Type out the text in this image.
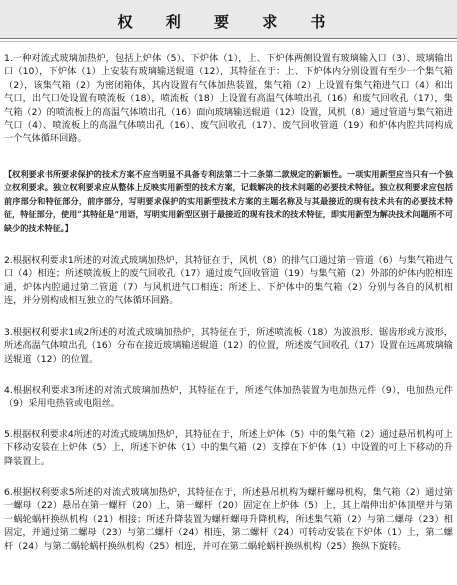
权 利 要 求 书

1.一种对流式玻璃加热炉，包括上炉体（5）、下炉体（1），上、下炉体两侧设置有玻璃输入口（3）、玻璃输出口（10），下炉体（1）上安装有玻璃输送辊道（12），其特征在于：上、下炉体内分别设置有至少一个集气箱（2），该集气箱（2）为密闭箱体，其内设置有气体加热装置，集气箱（2）上设置有集气箱进气口（4）和出气口，出气口处设置有喷流板（18），喷流板（18）上设置有高温气体喷出孔（16）和废气回收孔（17），集气箱（2）的喷流板上的高温气体喷出孔（16）面向玻璃输送辊道（12）设置，风机（8）通过管道与集气箱进气口（4）、喷流板上的高温气体喷出孔（16）、废气回收孔（17）、废气回收管道（19）和炉体内腔共同构成一个气体循环回路。

【权利要求书所要求保护的技术方案不应当明显不具备专利法第二十二条第二款规定的新颖性。一项实用新型应当只有一个独立权利要求。独立权利要求应从整体上反映实用新型的技术方案，记载解决的技术问题的必要技术特征。独立权利要求应包括前序部分和特征部分，前序部分，写明要求保护的实用新型技术方案的主题名称及与其最接近的现有技术共有的必要技术特征，特征部分，使用“其特征是”用语，写明实用新型区别于最接近的现有技术的技术特征，即实用新型为解决技术问题所不可缺少的技术特征。】

2.根据权利要求1所述的对流式玻璃加热炉，其特征在于，风机（8）的排气口通过第一管道（6）与集气箱进气口（4）相连；所述喷流板上的废气回收孔（17）通过废气回收管道（19）与集气箱（2）外部的炉体内腔相连通，炉体内腔通过第二管道（7）与风机进气口相连；所述上、下炉体中的集气箱（2）分别与各自的风机相连，并分别构成相互独立的气体循环回路。

3.根据权利要求1或2所述的对流式玻璃加热炉，其特征在于，所述喷流板（18）为波浪形、锯齿形或方波形，所述高温气体喷出孔（16）分布在接近玻璃输送辊道（12）的位置，所述废气回收孔（17）设置在远离玻璃输送辊道（12）的位置。

4.根据权利要求3所述的对流式玻璃加热炉，其特征在于，所述气体加热装置为电加热元件（9），电加热元件（9）采用电热管或电阻丝。

5.根据权利要求4所述的对流式玻璃加热炉，其特征在于，所述上炉体（5）中的集气箱（2）通过悬吊机构可上下移动安装在上炉体（5）上，所述下炉体（1）中的集气箱（2）支撑在下炉体（1）中设置的可上下移动的升降装置上。

6.根据权利要求5所述的对流式玻璃加热炉，其特征在于，所述悬吊机构为螺杆螺母机构，集气箱（2）通过第一螺母（22）悬吊在第一螺杆（20）上，第一螺杆（20）固定在上炉体（5）上，其上端伸出炉体顶壁并与第一蜗轮蜗杆换纵机构（21）相接；所述升降装置为螺杆螺母升降机构，所述集气箱（2）与第二螺母（23）相固定，并通过第二螺母（23）与第二螺杆（24）相连，第二螺杆（24）可转动安装在下炉体（1）上，第二螺杆（24）与第二蜗轮蜗杆换纵机构（25）相连，并可在第二蜗轮蜗杆换纵机构（25）换纵下旋转。
